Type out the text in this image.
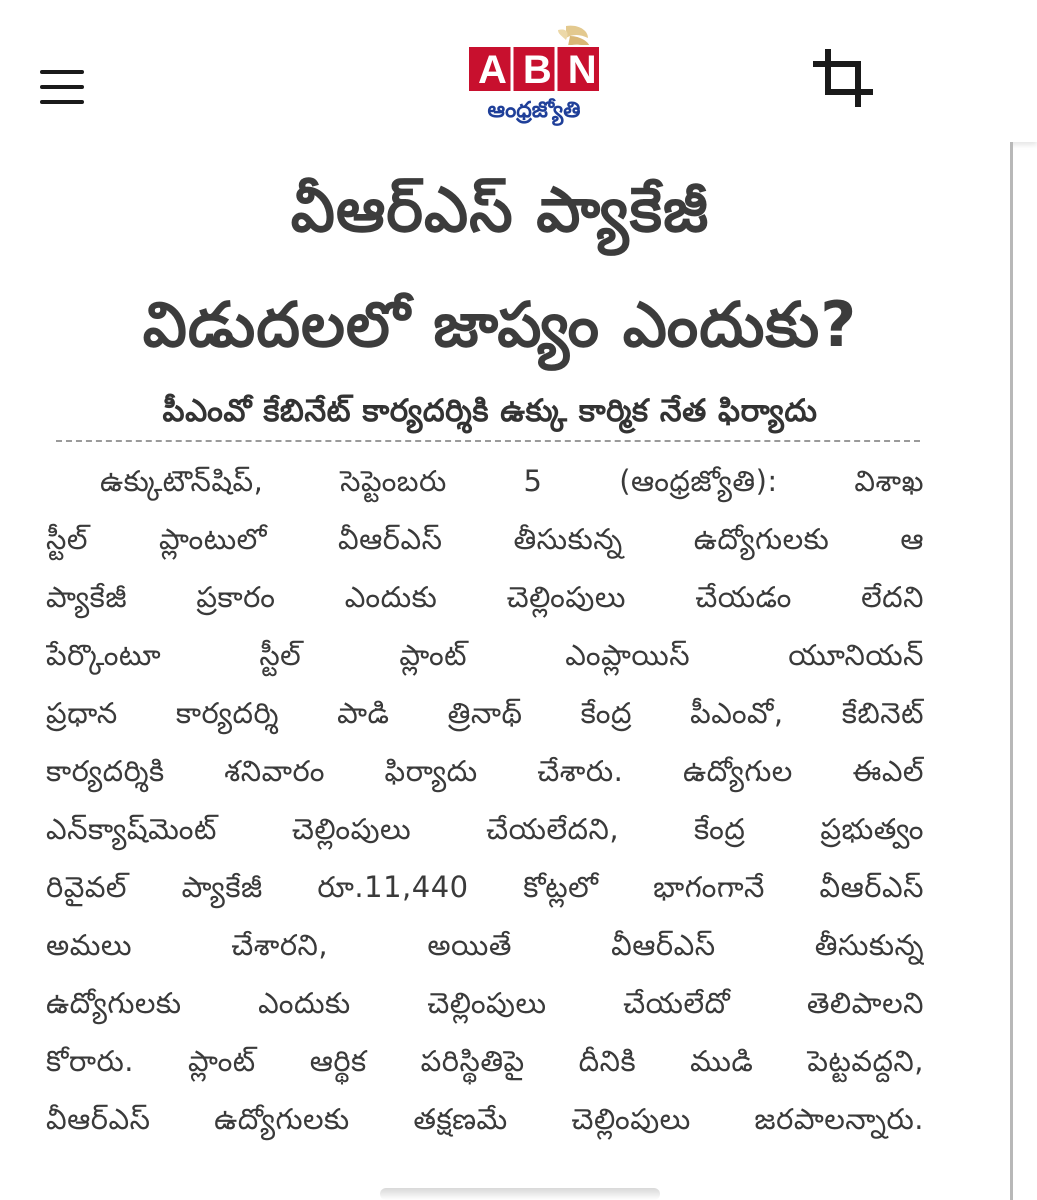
ABN
ఆంధ్రజ్యోతి
వీఆర్‌ఎస్‌ ప్యాకేజీ
విడుదలలో జాప్యం ఎందుకు?
పీఎంవో కేబినేట్‌ కార్యదర్శికి ఉక్కు కార్మిక నేత ఫిర్యాదు
ఉక్కుటౌన్‌షిప్‌, సెప్టెంబరు 5 (ఆంధ్రజ్యోతి): విశాఖ
స్టీల్‌ ప్లాంటులో వీఆర్‌ఎస్‌ తీసుకున్న ఉద్యోగులకు ఆ
ప్యాకేజీ ప్రకారం ఎందుకు చెల్లింపులు చేయడం లేదని
పేర్కొంటూ స్టీల్‌ ప్లాంట్‌ ఎంప్లాయిస్‌ యూనియన్‌
ప్రధాన కార్యదర్శి పాడి త్రినాథ్‌ కేంద్ర పీఎంవో, కేబినెట్‌
కార్యదర్శికి శనివారం ఫిర్యాదు చేశారు. ఉద్యోగుల ఈఎల్‌
ఎన్‌క్యాష్‌మెంట్‌ చెల్లింపులు చేయలేదని, కేంద్ర ప్రభుత్వం
రివైవల్‌ ప్యాకేజీ రూ.11,440 కోట్లలో భాగంగానే వీఆర్‌ఎస్‌
అమలు చేశారని, అయితే వీఆర్‌ఎస్‌ తీసుకున్న
ఉద్యోగులకు ఎందుకు చెల్లింపులు చేయలేదో తెలిపాలని
కోరారు. ప్లాంట్‌ ఆర్థిక పరిస్థితిపై దీనికి ముడి పెట్టవద్దని,
వీఆర్‌ఎస్‌ ఉద్యోగులకు తక్షణమే చెల్లింపులు జరపాలన్నారు.
